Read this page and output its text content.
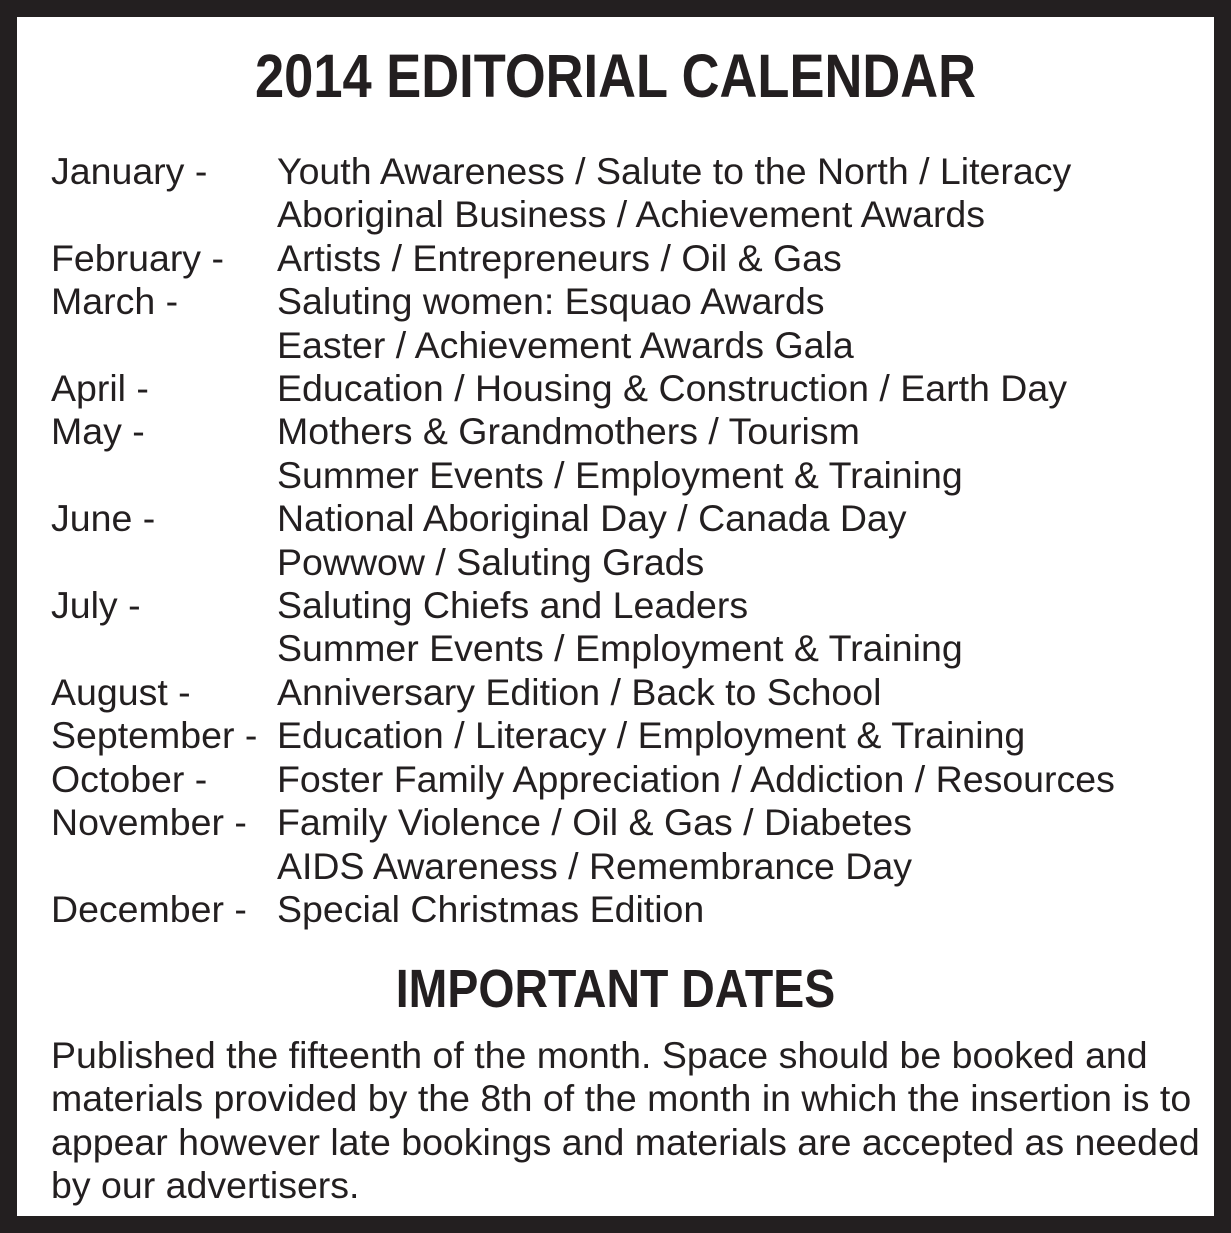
2014 EDITORIAL CALENDAR
January -	Youth Awareness / Salute to the North / Literacy
Aboriginal Business / Achievement Awards
February -	Artists / Entrepreneurs / Oil & Gas
March -	Saluting women: Esquao Awards
Easter / Achievement Awards Gala
April -	Education / Housing & Construction / Earth Day
May -	Mothers & Grandmothers / Tourism
Summer Events / Employment & Training
June -	National Aboriginal Day / Canada Day
Powwow / Saluting Grads
July -	Saluting Chiefs and Leaders
Summer Events / Employment & Training
August -	Anniversary Edition / Back to School
September - Education / Literacy / Employment & Training
October -	Foster Family Appreciation / Addiction / Resources
November - Family Violence / Oil & Gas / Diabetes
AIDS Awareness / Remembrance Day
December - Special Christmas Edition
IMPORTANT DATES
Published the fifteenth of the month. Space should be booked and materials provided by the 8th of the month in which the insertion is to appear however late bookings and materials are accepted as needed by our advertisers.
